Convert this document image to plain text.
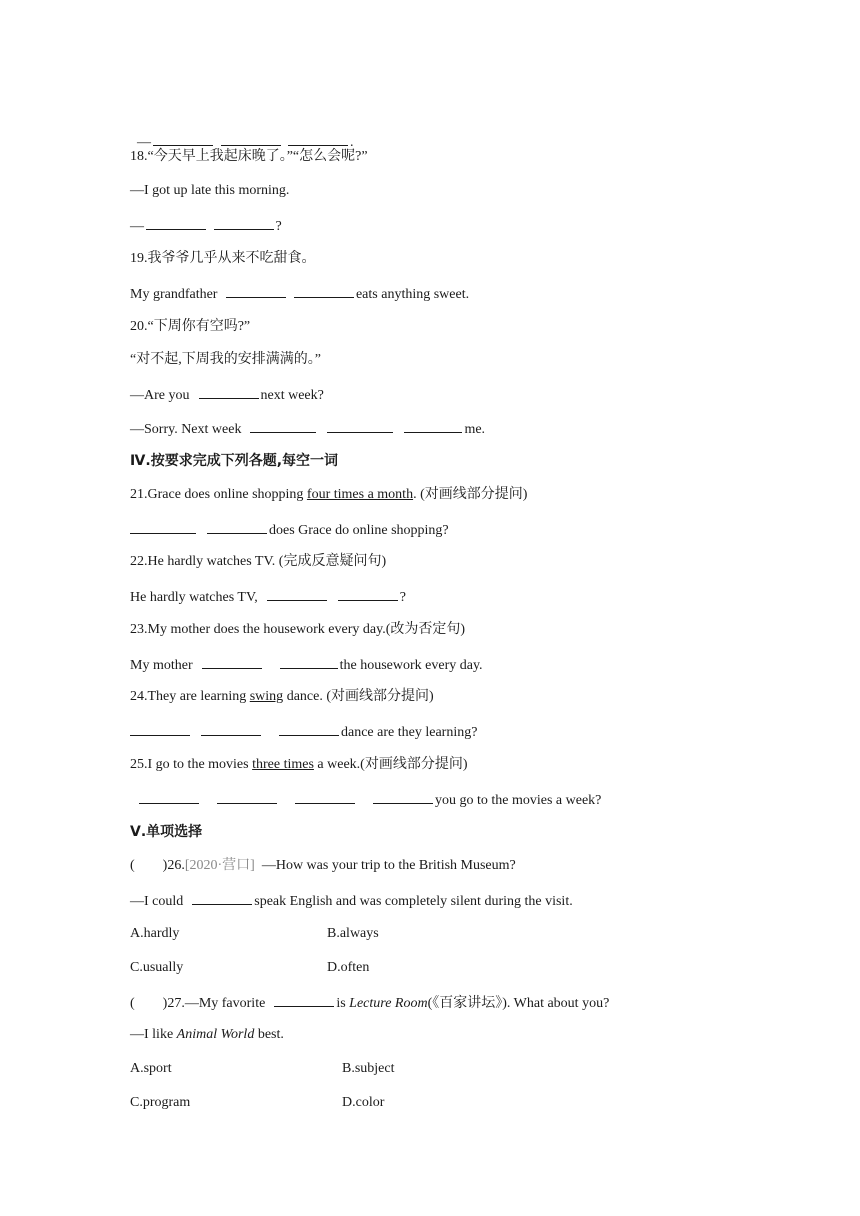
—	.

18.“今天早上我起床晚了。”“怎么会呢?”
—I got up late this morning.
—	?
19.我爷爷几乎从来不吃甜食。
My grandfather	eats anything sweet.
20.“下周你有空吗?”
“对不起,下周我的安排满满的。”
—Are you	next week?
—Sorry. Next week	me.
Ⅳ.按要求完成下列各题,每空一词
21.Grace does online shopping four times a month. (对画线部分提问)
does Grace do online shopping?
22.He hardly watches TV. (完成反意疑问句)
He hardly watches TV,	?
23.My mother does the housework every day.(改为否定句)
My mother	the housework every day.
24.They are learning swing dance. (对画线部分提问)
dance are they learning?
25.I go to the movies three times a week.(对画线部分提问)
you go to the movies a week?
Ⅴ.单项选择
(        )26.[2020·营口]  —How was your trip to the British Museum?
—I could	speak English and was completely silent during the visit.
A.hardly	B.always
C.usually	D.often
(        )27.—My favorite	is Lecture Room(《百家讲坛》). What about you?
—I like Animal World best.
A.sport	B.subject
C.program	D.color
